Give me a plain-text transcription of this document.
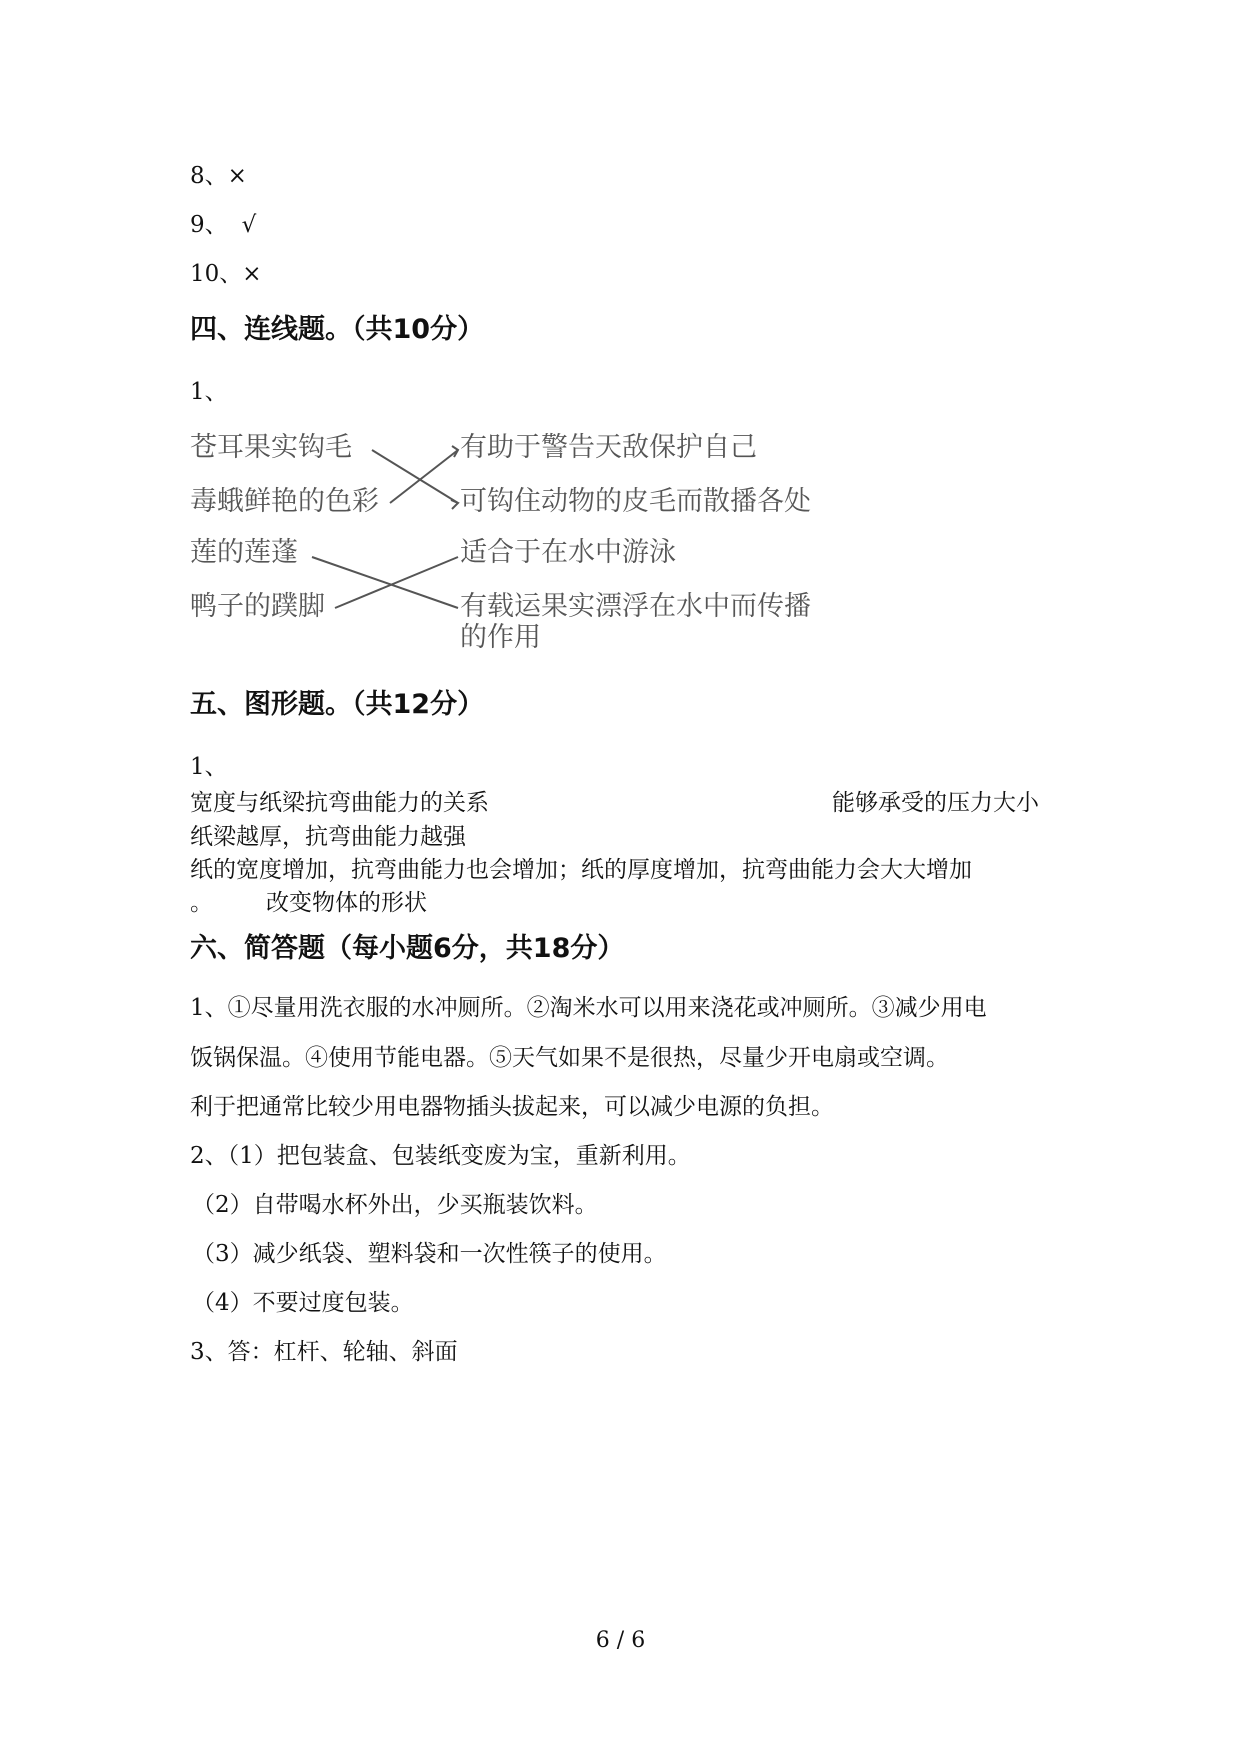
8、×
9、 √
10、×
四、连线题。（共10分）
1、
苍耳果实钩毛
毒蛾鲜艳的色彩
莲的莲蓬
鸭子的蹼脚
有助于警告天敌保护自己
可钩住动物的皮毛而散播各处
适合于在水中游泳
有载运果实漂浮在水中而传播
的作用
五、图形题。（共12分）
1、
宽度与纸梁抗弯曲能力的关系	能够承受的压力大小
纸梁越厚，抗弯曲能力越强
纸的宽度增加，抗弯曲能力也会增加；纸的厚度增加，抗弯曲能力会大大增加
。 改变物体的形状
六、简答题（每小题6分，共18分）
1、①尽量用洗衣服的水冲厕所。②淘米水可以用来浇花或冲厕所。③减少用电
饭锅保温。④使用节能电器。⑤天气如果不是很热，尽量少开电扇或空调。
利于把通常比较少用电器物插头拔起来，可以减少电源的负担。
2、（1）把包装盒、包装纸变废为宝，重新利用。
（2）自带喝水杯外出，少买瓶装饮料。
（3）减少纸袋、塑料袋和一次性筷子的使用。
（4）不要过度包装。
3、答：杠杆、轮轴、斜面
6 / 6
